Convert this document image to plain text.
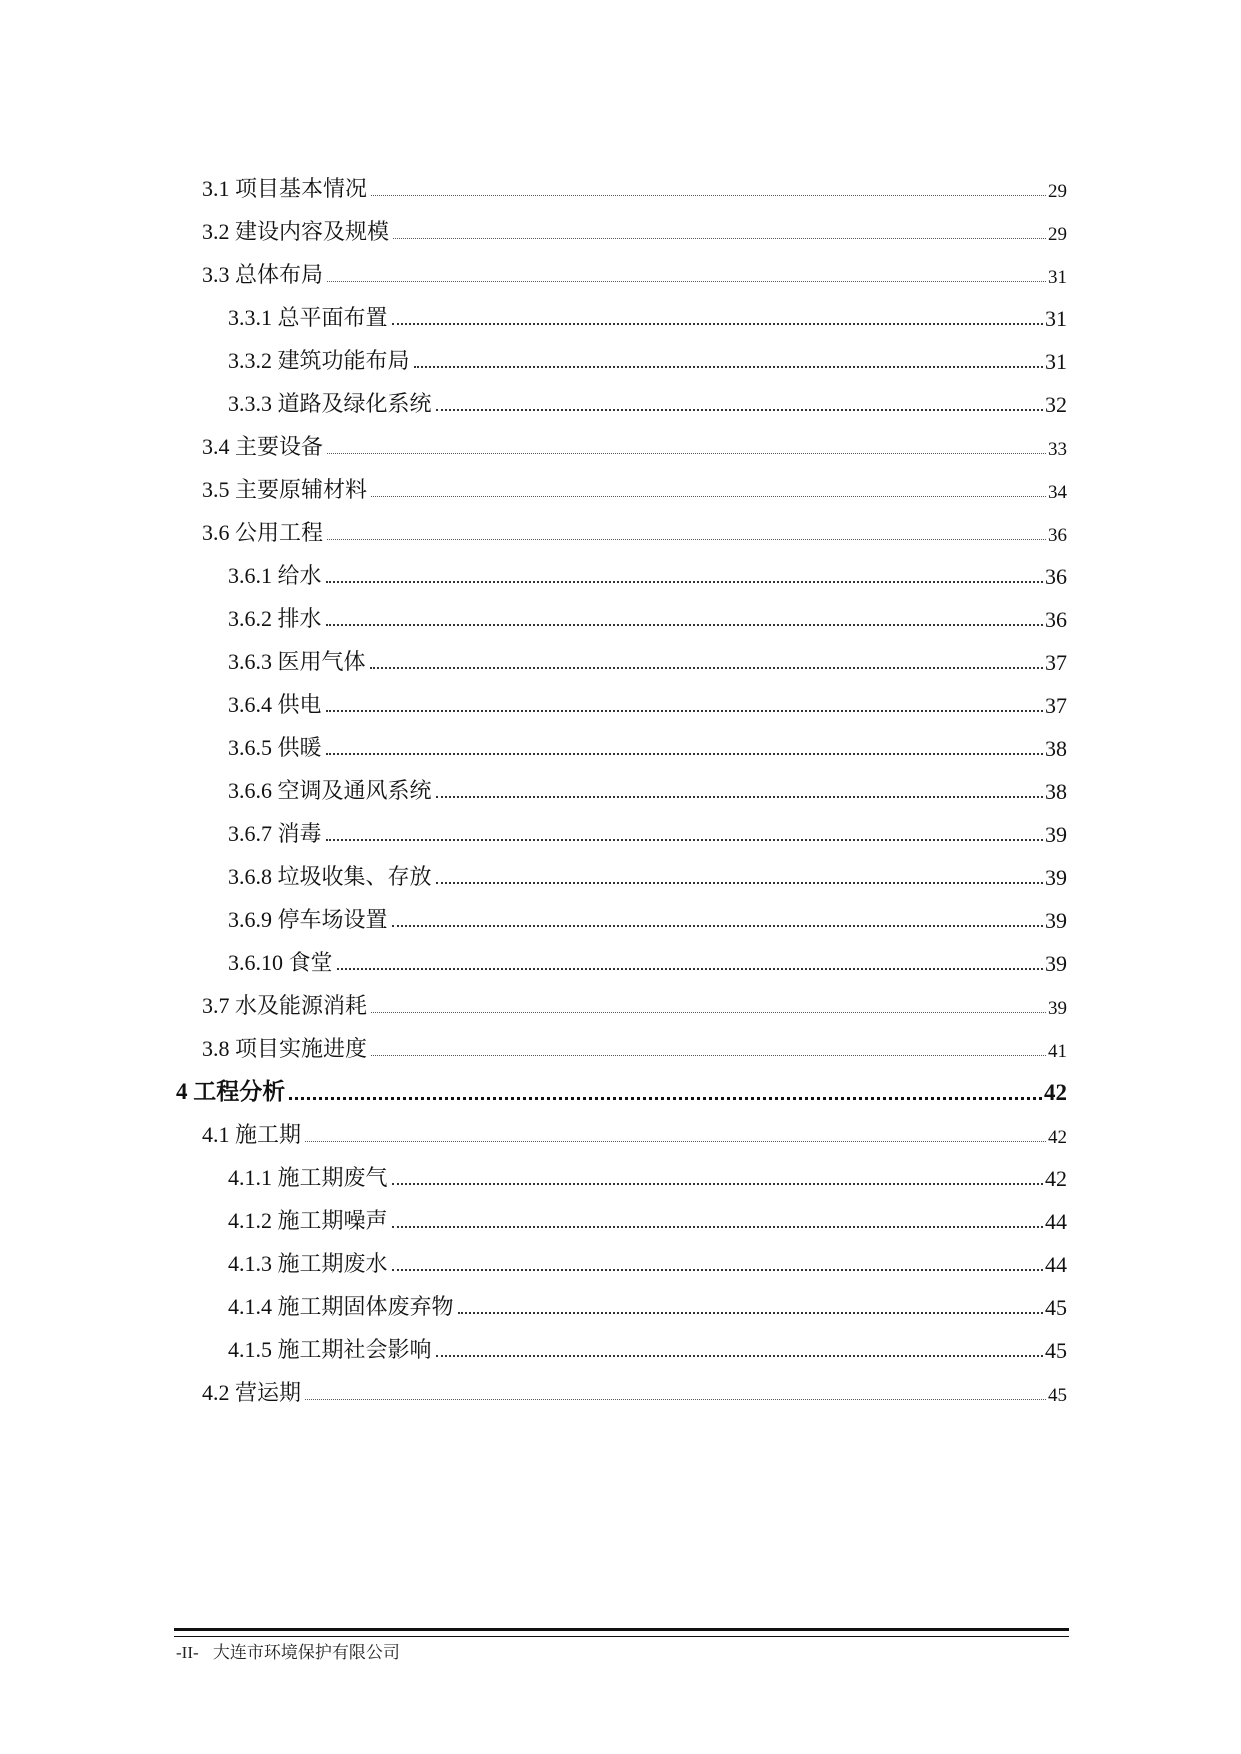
3.1 项目基本情况	29
3.2 建设内容及规模	29
3.3 总体布局	31
3.3.1 总平面布置	31
3.3.2 建筑功能布局	31
3.3.3 道路及绿化系统	32
3.4 主要设备	33
3.5 主要原辅材料	34
3.6 公用工程	36
3.6.1 给水	36
3.6.2 排水	36
3.6.3 医用气体	37
3.6.4 供电	37
3.6.5 供暖	38
3.6.6 空调及通风系统	38
3.6.7 消毒	39
3.6.8 垃圾收集、存放	39
3.6.9 停车场设置	39
3.6.10 食堂	39
3.7 水及能源消耗	39
3.8 项目实施进度	41
4 工程分析	42
4.1 施工期	42
4.1.1 施工期废气	42
4.1.2 施工期噪声	44
4.1.3 施工期废水	44
4.1.4 施工期固体废弃物	45
4.1.5 施工期社会影响	45
4.2 营运期	45
-II- 大连市环境保护有限公司
